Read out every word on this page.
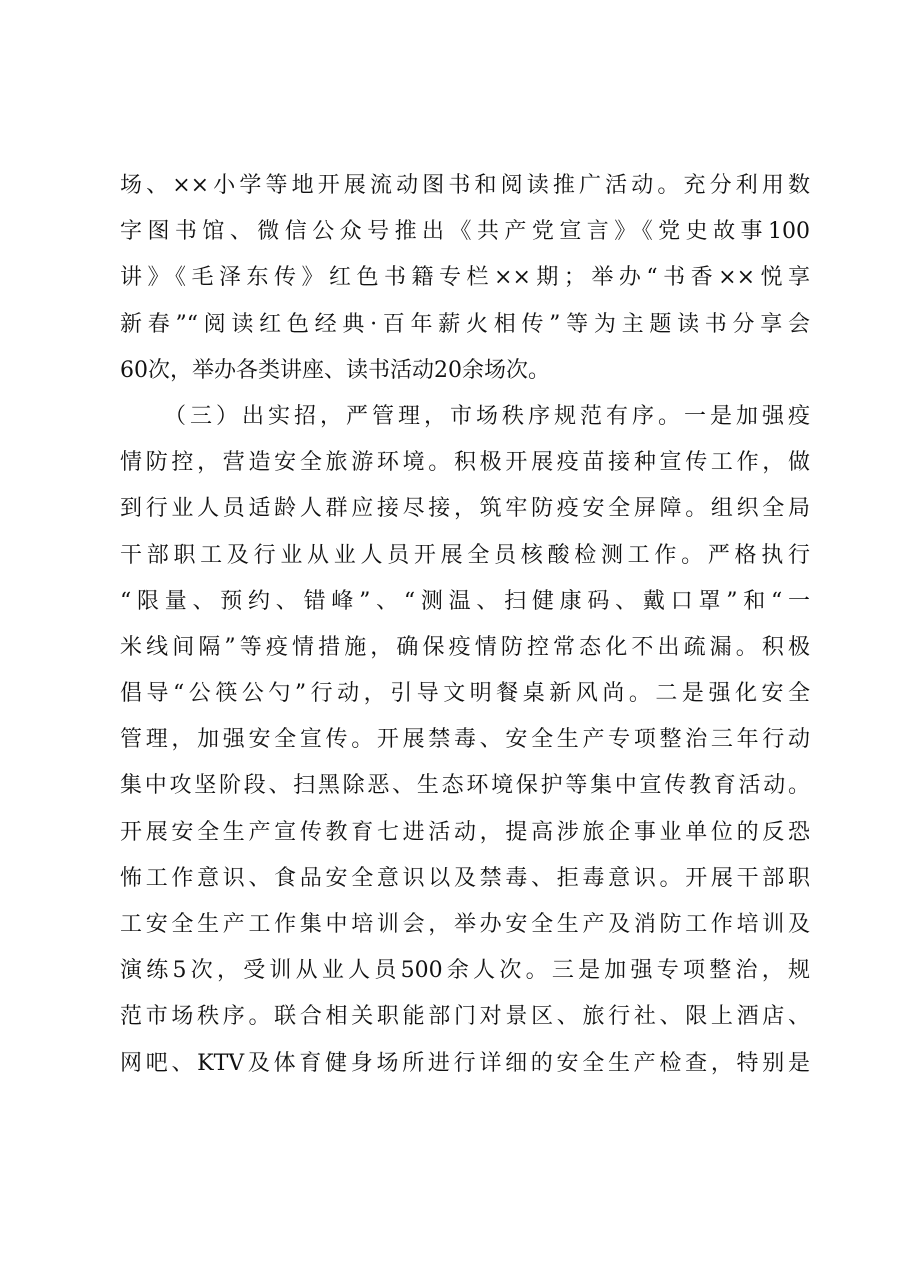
场、××小学等地开展流动图书和阅读推广活动。充分利用数
字图书馆、微信公众号推出《共产党宣言》《党史故事100
讲》《毛泽东传》红色书籍专栏××期；举办“书香××悦享
新春”“阅读红色经典·百年薪火相传”等为主题读书分享会
60次，举办各类讲座、读书活动20余场次。
（三）出实招，严管理，市场秩序规范有序。一是加强疫
情防控，营造安全旅游环境。积极开展疫苗接种宣传工作，做
到行业人员适龄人群应接尽接，筑牢防疫安全屏障。组织全局
干部职工及行业从业人员开展全员核酸检测工作。严格执行
“限量、预约、错峰”、“测温、扫健康码、戴口罩”和“一
米线间隔”等疫情措施，确保疫情防控常态化不出疏漏。积极
倡导“公筷公勺”行动，引导文明餐桌新风尚。二是强化安全
管理，加强安全宣传。开展禁毒、安全生产专项整治三年行动
集中攻坚阶段、扫黑除恶、生态环境保护等集中宣传教育活动。
开展安全生产宣传教育七进活动，提高涉旅企事业单位的反恐
怖工作意识、食品安全意识以及禁毒、拒毒意识。开展干部职
工安全生产工作集中培训会，举办安全生产及消防工作培训及
演练5次，受训从业人员500余人次。三是加强专项整治，规
范市场秩序。联合相关职能部门对景区、旅行社、限上酒店、
网吧、KTV及体育健身场所进行详细的安全生产检查，特别是
